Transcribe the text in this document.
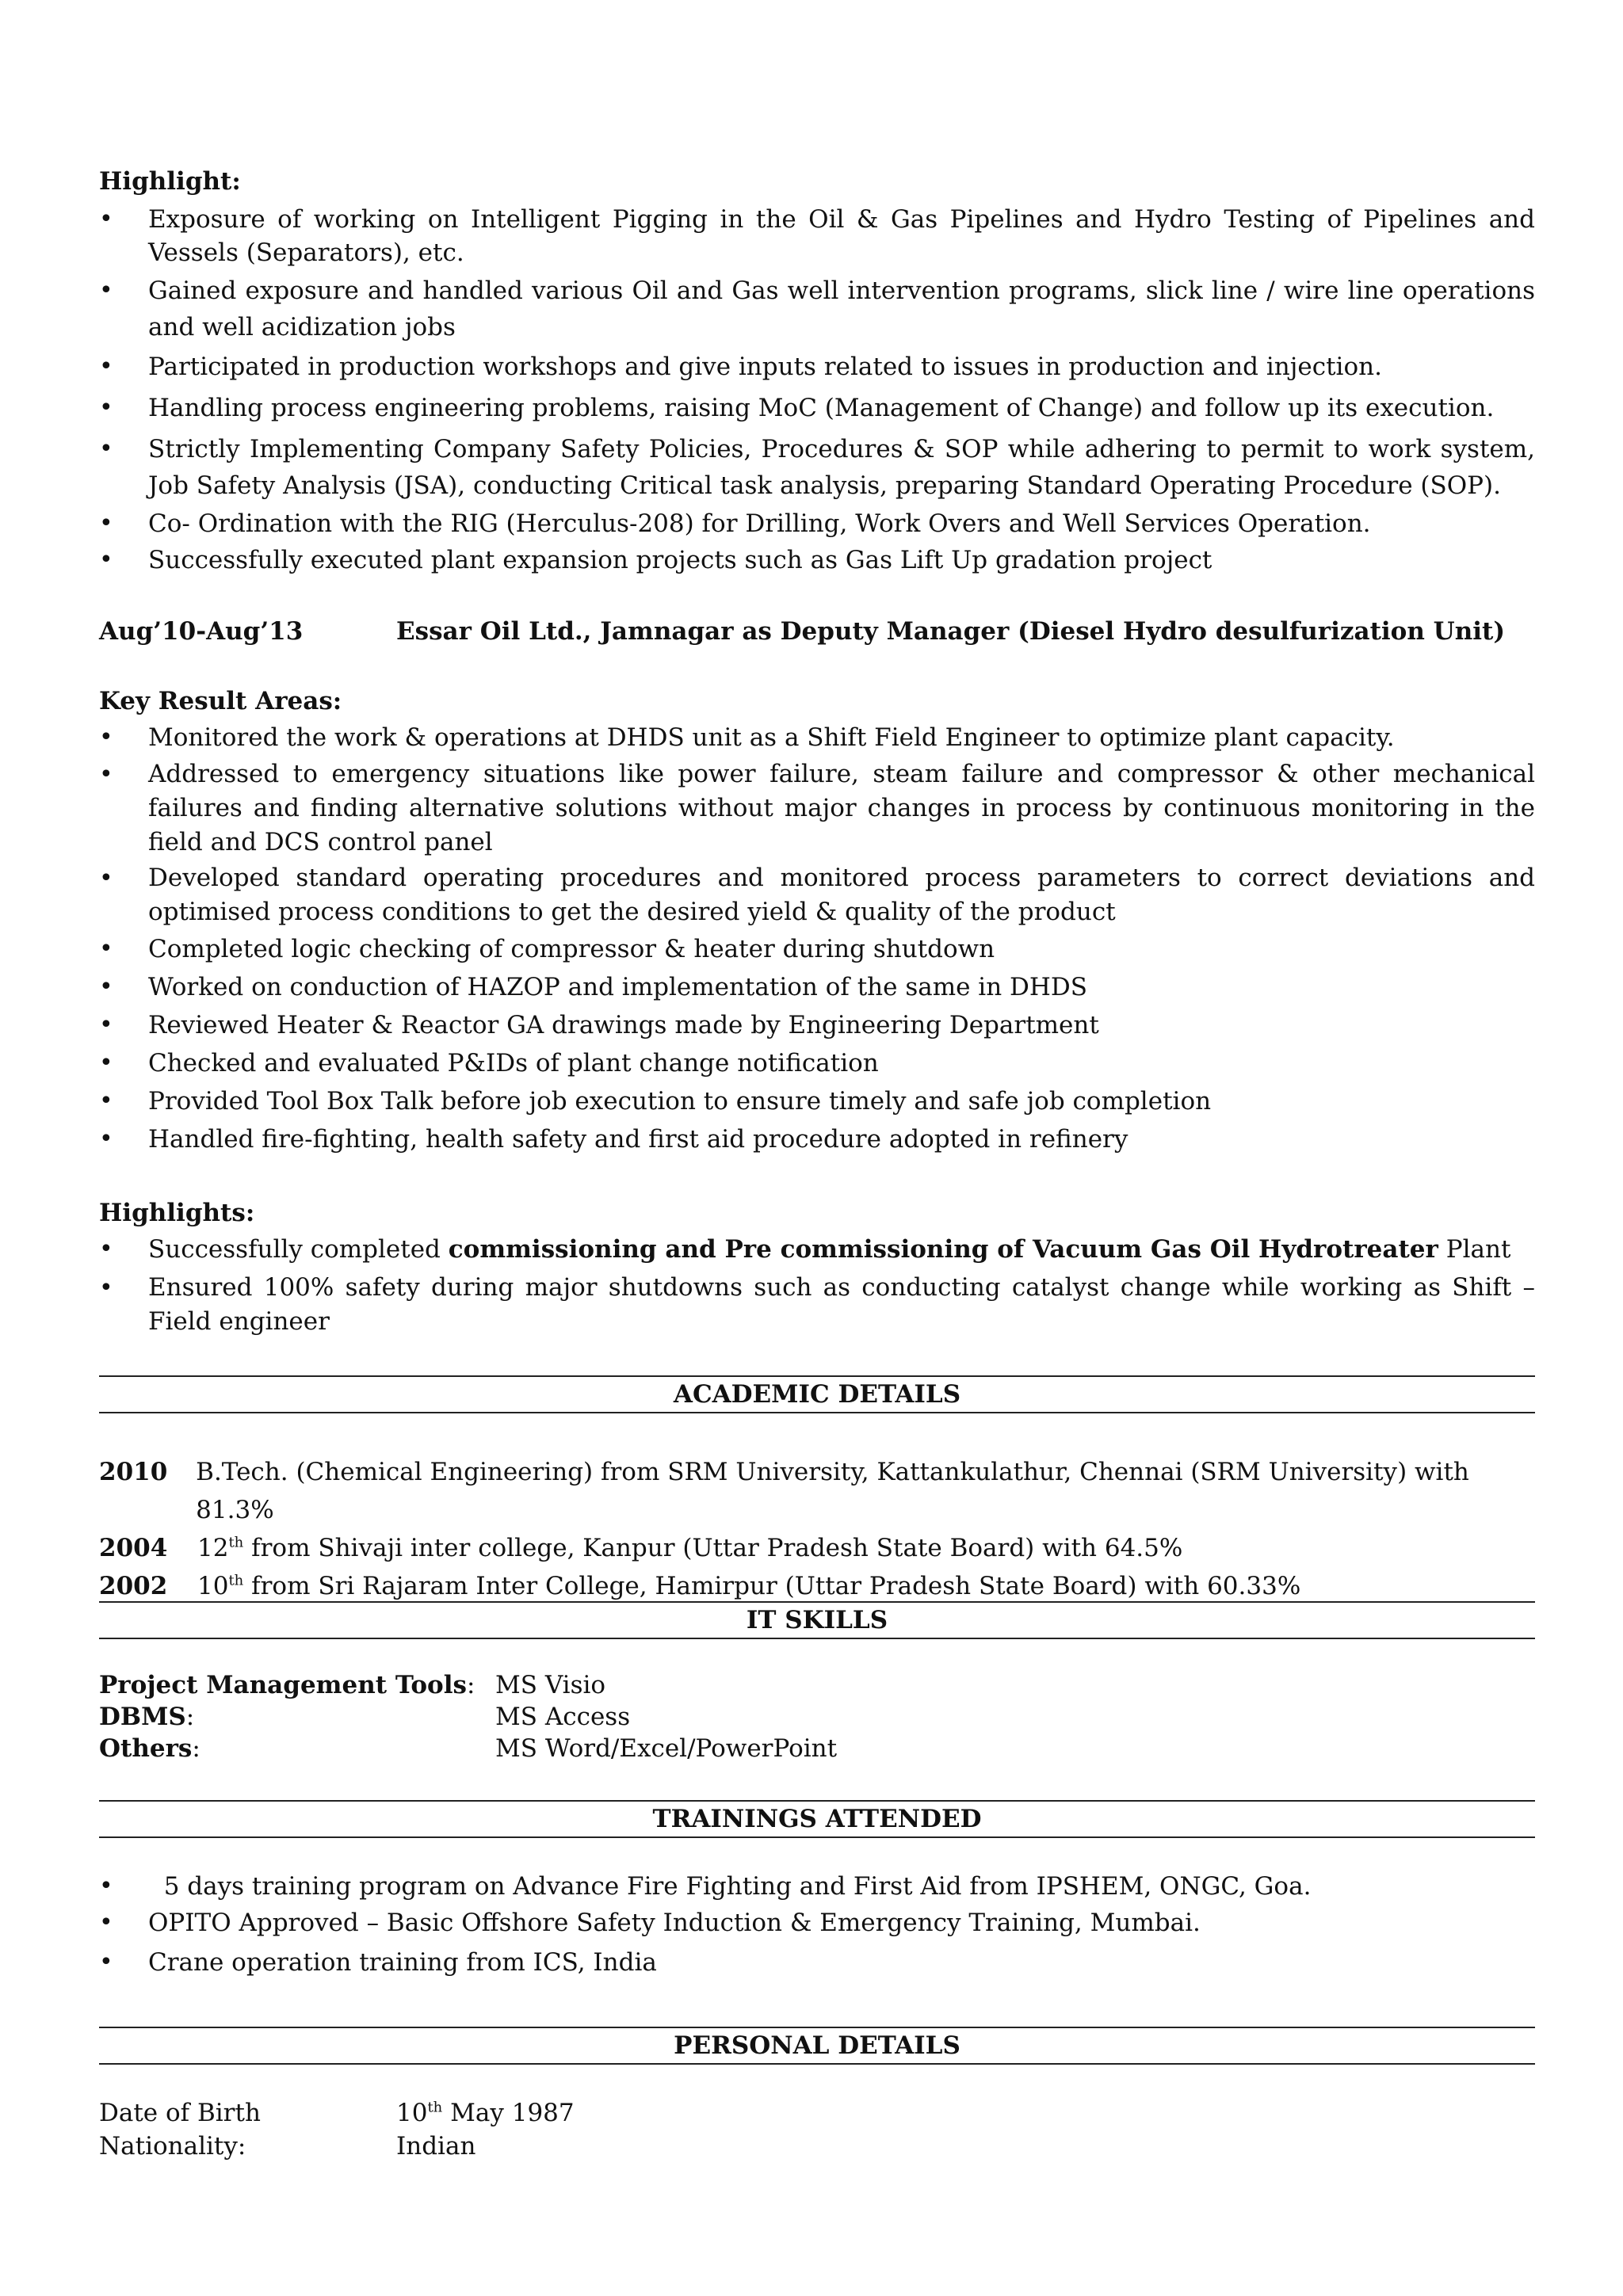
Highlight:

• Exposure of working on Intelligent Pigging in the Oil & Gas Pipelines and Hydro Testing of Pipelines and Vessels (Separators), etc.
• Gained exposure and handled various Oil and Gas well intervention programs, slick line / wire line operations and well acidization jobs
• Participated in production workshops and give inputs related to issues in production and injection.
• Handling process engineering problems, raising MoC (Management of Change) and follow up its execution.
• Strictly Implementing Company Safety Policies, Procedures & SOP while adhering to permit to work system, Job Safety Analysis (JSA), conducting Critical task analysis, preparing Standard Operating Procedure (SOP).
• Co- Ordination with the RIG (Herculus-208) for Drilling, Work Overs and Well Services Operation.
• Successfully executed plant expansion projects such as Gas Lift Up gradation project
Aug’10-Aug’13	Essar Oil Ltd., Jamnagar as Deputy Manager (Diesel Hydro desulfurization Unit)

Key Result Areas:

• Monitored the work & operations at DHDS unit as a Shift Field Engineer to optimize plant capacity.
• Addressed to emergency situations like power failure, steam failure and compressor & other mechanical failures and finding alternative solutions without major changes in process by continuous monitoring in the field and DCS control panel
• Developed standard operating procedures and monitored process parameters to correct deviations and optimised process conditions to get the desired yield & quality of the product
• Completed logic checking of compressor & heater during shutdown
• Worked on conduction of HAZOP and implementation of the same in DHDS
• Reviewed Heater & Reactor GA drawings made by Engineering Department
• Checked and evaluated P&IDs of plant change notification
• Provided Tool Box Talk before job execution to ensure timely and safe job completion
• Handled fire-fighting, health safety and first aid procedure adopted in refinery

Highlights:

• Successfully completed commissioning and Pre commissioning of Vacuum Gas Oil Hydrotreater Plant
• Ensured 100% safety during major shutdowns such as conducting catalyst change while working as Shift –Field engineer
ACADEMIC DETAILS
2010	B.Tech. (Chemical Engineering) from SRM University, Kattankulathur, Chennai (SRM University) with 81.3%
2004	12th from Shivaji inter college, Kanpur (Uttar Pradesh State Board) with 64.5%
2002	10th from Sri Rajaram Inter College, Hamirpur (Uttar Pradesh State Board) with 60.33%
IT SKILLS
Project Management Tools: MS Visio
DBMS:	MS Access
Others:	MS Word/Excel/PowerPoint
TRAININGS ATTENDED
•   5 days training program on Advance Fire Fighting and First Aid from IPSHEM, ONGC, Goa.
• OPITO Approved – Basic Offshore Safety Induction & Emergency Training, Mumbai.
• Crane operation training from ICS, India
PERSONAL DETAILS
Date of Birth	10th May 1987
Nationality:	Indian
